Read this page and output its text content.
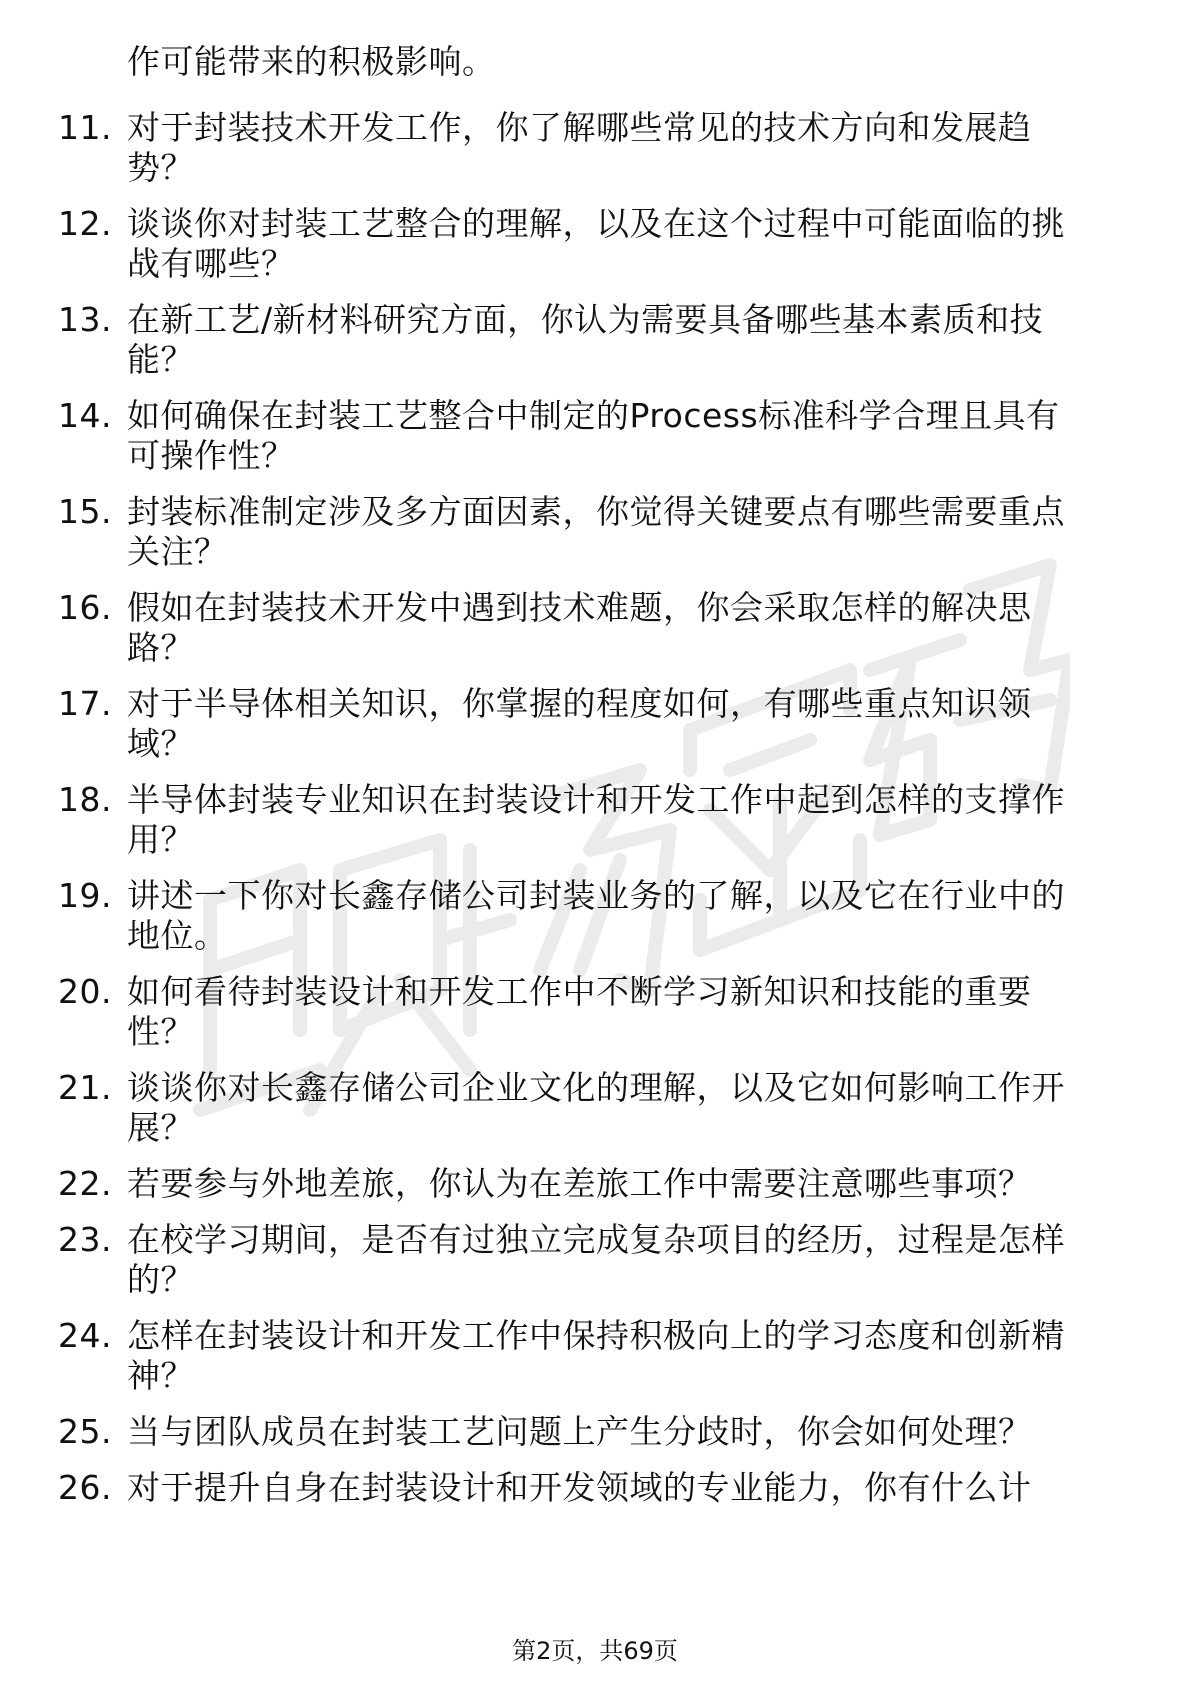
作可能带来的积极影响。
11. 对于封装技术开发工作，你了解哪些常见的技术方向和发展趋
势？
12. 谈谈你对封装工艺整合的理解，以及在这个过程中可能面临的挑
战有哪些？
13. 在新工艺/新材料研究方面，你认为需要具备哪些基本素质和技
能？
14. 如何确保在封装工艺整合中制定的Process标准科学合理且具有
可操作性？
15. 封装标准制定涉及多方面因素，你觉得关键要点有哪些需要重点
关注？
16. 假如在封装技术开发中遇到技术难题，你会采取怎样的解决思
路？
17. 对于半导体相关知识，你掌握的程度如何，有哪些重点知识领
域？
18. 半导体封装专业知识在封装设计和开发工作中起到怎样的支撑作
用？
19. 讲述一下你对长鑫存储公司封装业务的了解，以及它在行业中的
地位。
20. 如何看待封装设计和开发工作中不断学习新知识和技能的重要
性？
21. 谈谈你对长鑫存储公司企业文化的理解，以及它如何影响工作开
展？
22. 若要参与外地差旅，你认为在差旅工作中需要注意哪些事项？
23. 在校学习期间，是否有过独立完成复杂项目的经历，过程是怎样
的？
24. 怎样在封装设计和开发工作中保持积极向上的学习态度和创新精
神？
25. 当与团队成员在封装工艺问题上产生分歧时，你会如何处理？
26. 对于提升自身在封装设计和开发领域的专业能力，你有什么计
第2页，共69页
